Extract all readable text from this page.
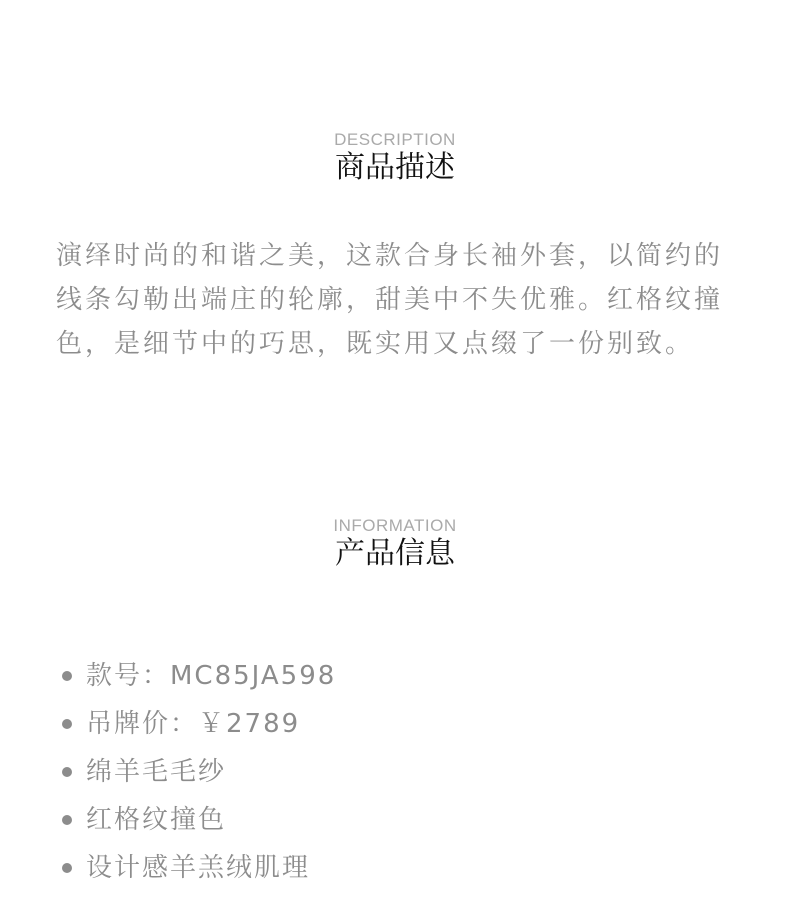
DESCRIPTION
商品描述

演绎时尚的和谐之美，这款合身长袖外套，以简约的线条勾勒出端庄的轮廓，甜美中不失优雅。红格纹撞色，是细节中的巧思，既实用又点缀了一份别致。

INFORMATION
产品信息
款号：MC85JA598
吊牌价：￥2789
绵羊毛毛纱
红格纹撞色
设计感羊羔绒肌理
